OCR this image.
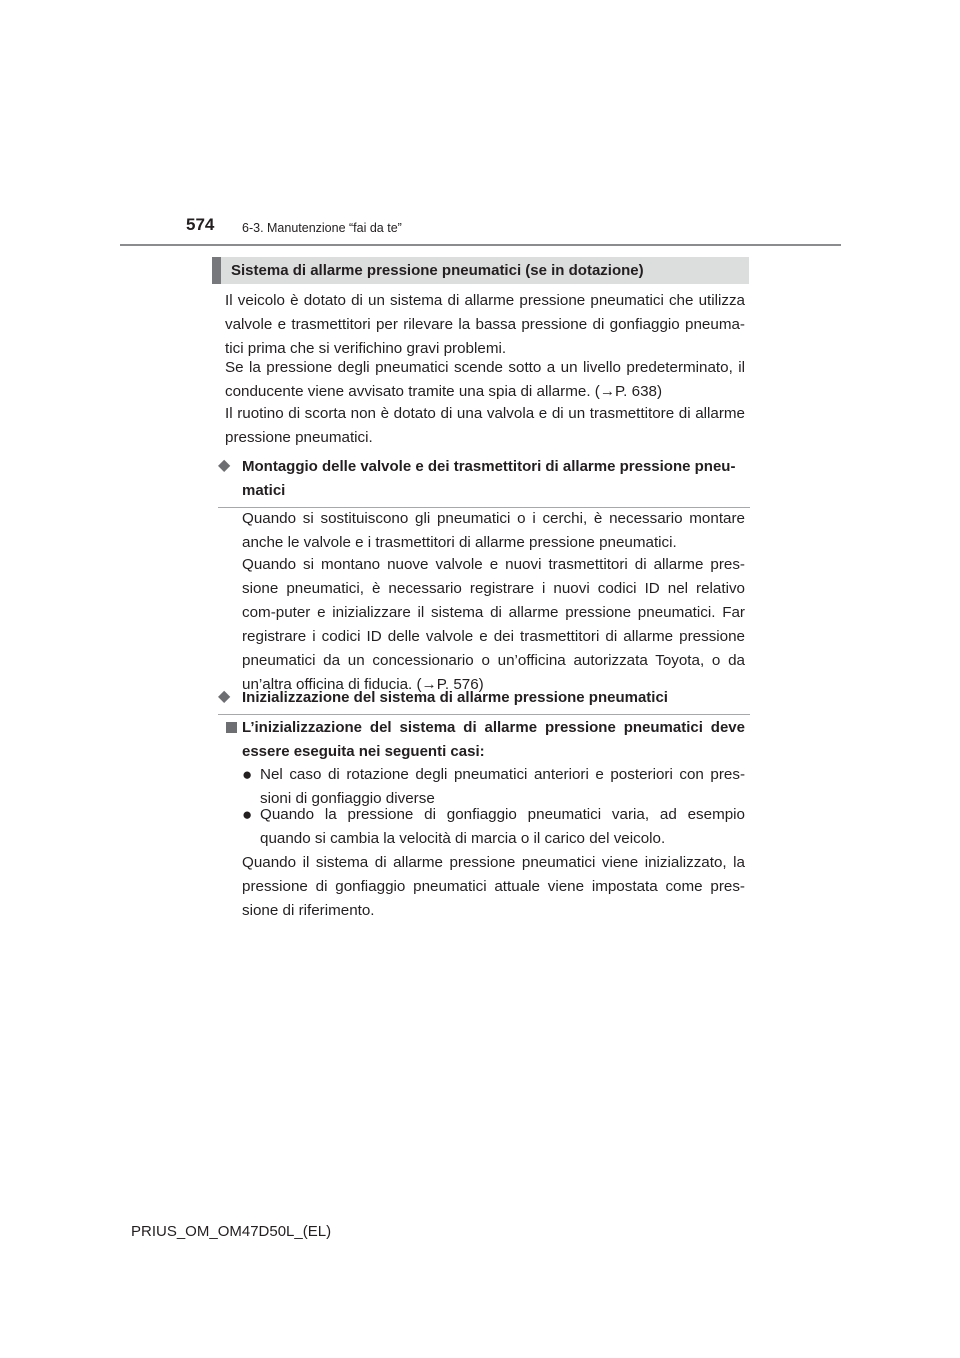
574 6-3. Manutenzione “fai da te”
Sistema di allarme pressione pneumatici (se in dotazione)
Il veicolo è dotato di un sistema di allarme pressione pneumatici che utilizza valvole e trasmettitori per rilevare la bassa pressione di gonfiaggio pneuma-tici prima che si verifichino gravi problemi.
Se la pressione degli pneumatici scende sotto a un livello predeterminato, il conducente viene avvisato tramite una spia di allarme. (→P. 638)
Il ruotino di scorta non è dotato di una valvola e di un trasmettitore di allarme pressione pneumatici.
◆ Montaggio delle valvole e dei trasmettitori di allarme pressione pneu-matici
Quando si sostituiscono gli pneumatici o i cerchi, è necessario montare anche le valvole e i trasmettitori di allarme pressione pneumatici.
Quando si montano nuove valvole e nuovi trasmettitori di allarme pres-sione pneumatici, è necessario registrare i nuovi codici ID nel relativo com-puter e inizializzare il sistema di allarme pressione pneumatici. Far registrare i codici ID delle valvole e dei trasmettitori di allarme pressione pneumatici da un concessionario o un’officina autorizzata Toyota, o da un’altra officina di fiducia. (→P. 576)
◆ Inizializzazione del sistema di allarme pressione pneumatici
L’inizializzazione del sistema di allarme pressione pneumatici deve essere eseguita nei seguenti casi:
● Nel caso di rotazione degli pneumatici anteriori e posteriori con pres-sioni di gonfiaggio diverse
● Quando la pressione di gonfiaggio pneumatici varia, ad esempio quando si cambia la velocità di marcia o il carico del veicolo.
Quando il sistema di allarme pressione pneumatici viene inizializzato, la pressione di gonfiaggio pneumatici attuale viene impostata come pres-sione di riferimento.
PRIUS_OM_OM47D50L_(EL)
